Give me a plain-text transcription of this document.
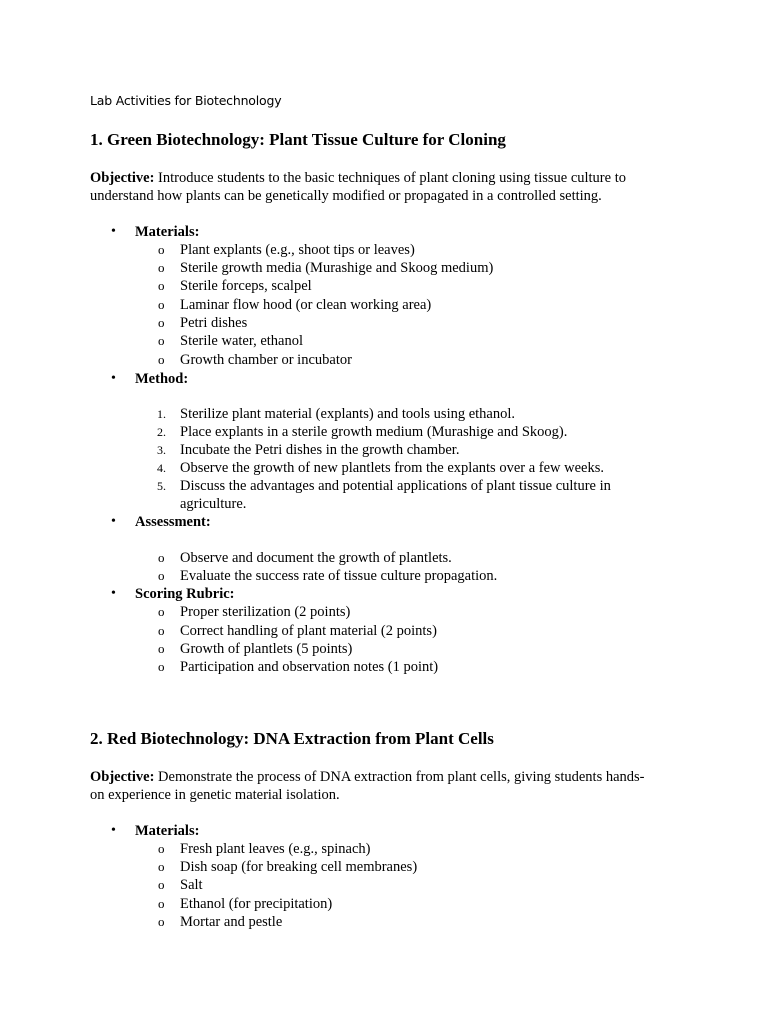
Lab Activities for Biotechnology
1. Green Biotechnology: Plant Tissue Culture for Cloning
Objective: Introduce students to the basic techniques of plant cloning using tissue culture to
understand how plants can be genetically modified or propagated in a controlled setting.
• Materials:
o Plant explants (e.g., shoot tips or leaves)
o Sterile growth media (Murashige and Skoog medium)
o Sterile forceps, scalpel
o Laminar flow hood (or clean working area)
o Petri dishes
o Sterile water, ethanol
o Growth chamber or incubator
• Method:
1. Sterilize plant material (explants) and tools using ethanol.
2. Place explants in a sterile growth medium (Murashige and Skoog).
3. Incubate the Petri dishes in the growth chamber.
4. Observe the growth of new plantlets from the explants over a few weeks.
5. Discuss the advantages and potential applications of plant tissue culture in
agriculture.
• Assessment:
o Observe and document the growth of plantlets.
o Evaluate the success rate of tissue culture propagation.
• Scoring Rubric:
o Proper sterilization (2 points)
o Correct handling of plant material (2 points)
o Growth of plantlets (5 points)
o Participation and observation notes (1 point)
2. Red Biotechnology: DNA Extraction from Plant Cells
Objective: Demonstrate the process of DNA extraction from plant cells, giving students hands-
on experience in genetic material isolation.
• Materials:
o Fresh plant leaves (e.g., spinach)
o Dish soap (for breaking cell membranes)
o Salt
o Ethanol (for precipitation)
o Mortar and pestle
